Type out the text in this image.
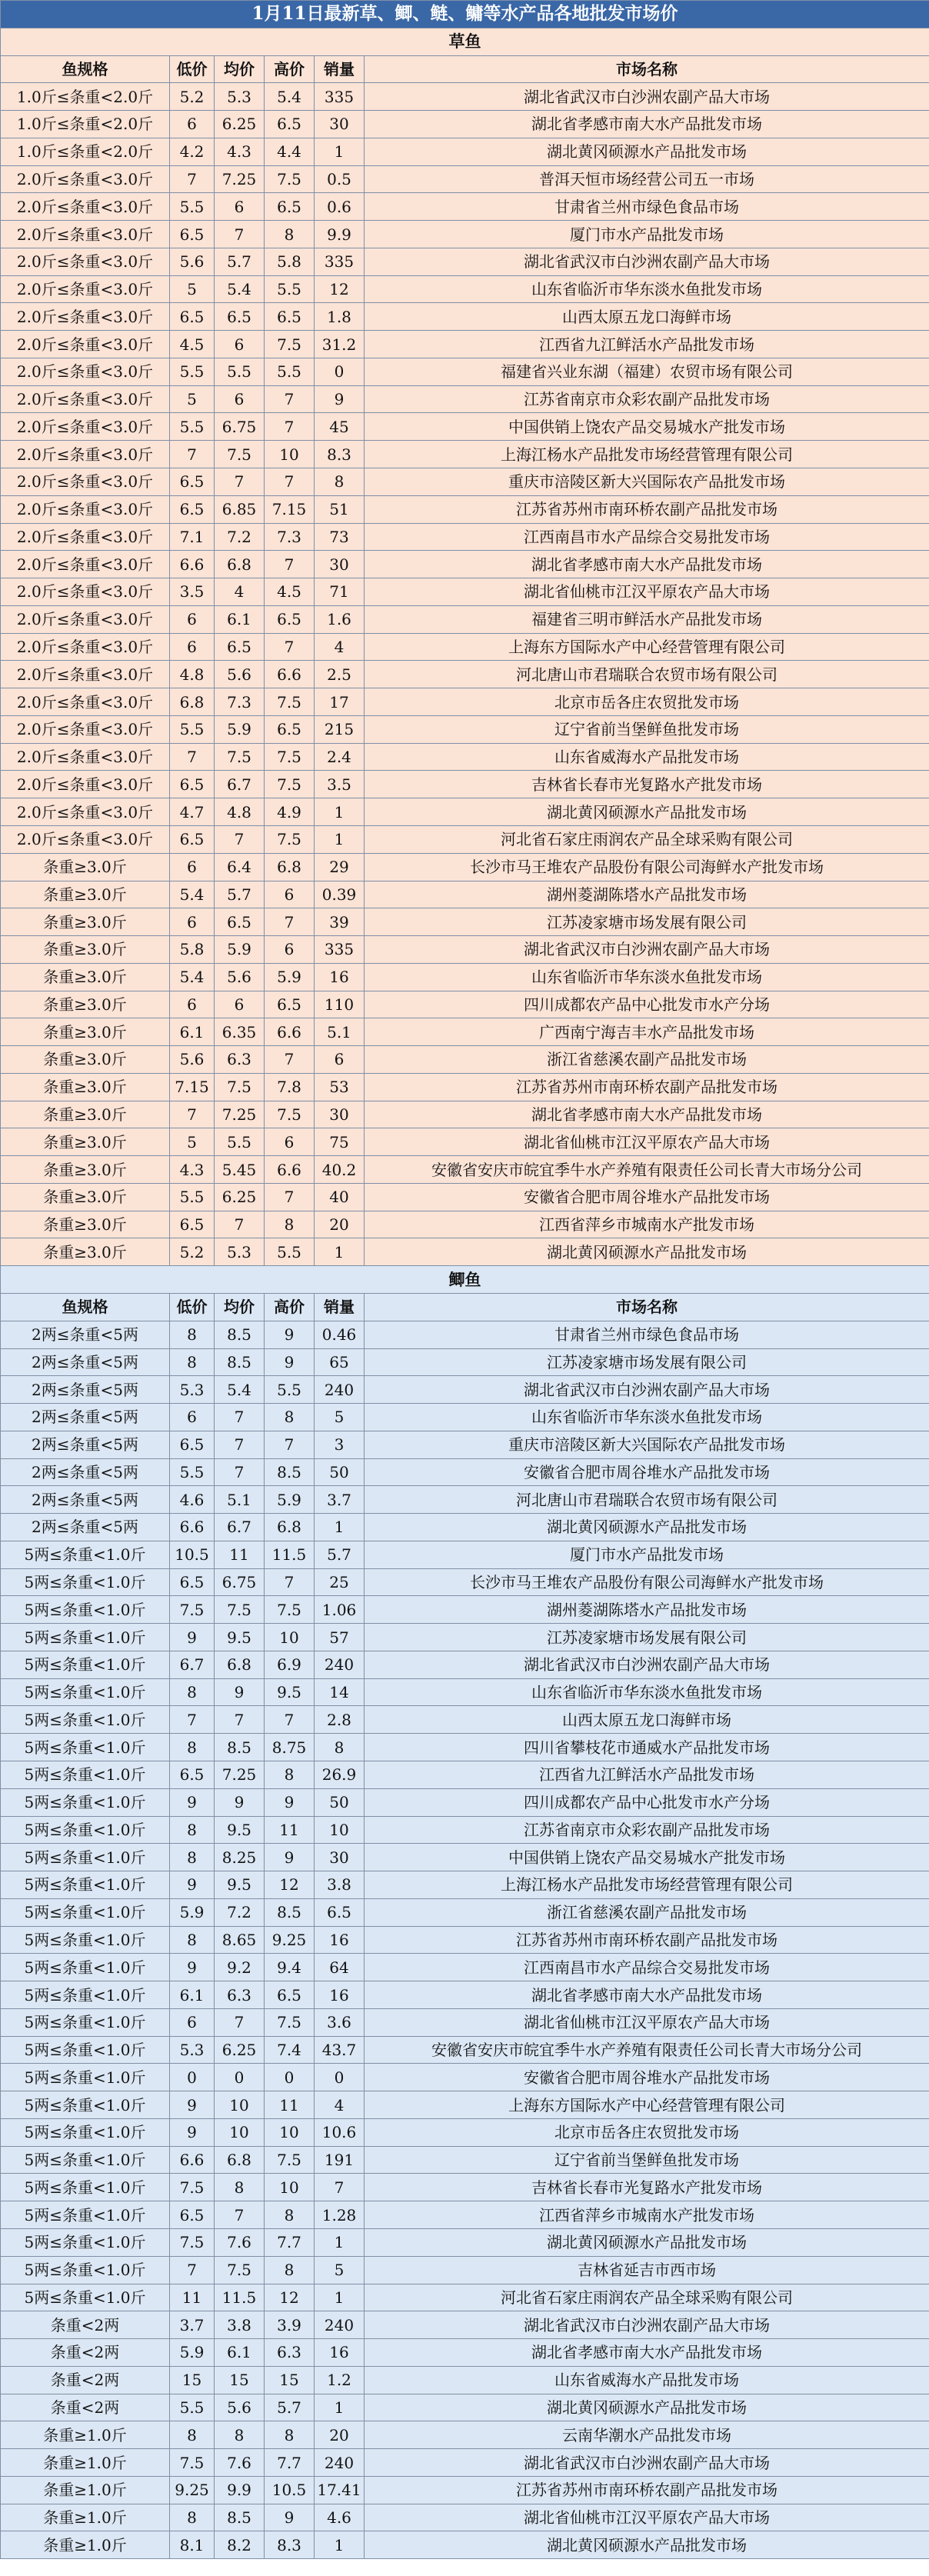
1月11日最新草、鲫、鲢、鳙等水产品各地批发市场价					
草鱼					
鱼规格	低价	均价	高价	销量	市场名称
1.0斤≤条重<2.0斤	5.2	5.3	5.4	335	湖北省武汉市白沙洲农副产品大市场
1.0斤≤条重<2.0斤	6	6.25	6.5	30	湖北省孝感市南大水产品批发市场
1.0斤≤条重<2.0斤	4.2	4.3	4.4	1	湖北黄冈硕源水产品批发市场
2.0斤≤条重<3.0斤	7	7.25	7.5	0.5	普洱天恒市场经营公司五一市场
2.0斤≤条重<3.0斤	5.5	6	6.5	0.6	甘肃省兰州市绿色食品市场
2.0斤≤条重<3.0斤	6.5	7	8	9.9	厦门市水产品批发市场
2.0斤≤条重<3.0斤	5.6	5.7	5.8	335	湖北省武汉市白沙洲农副产品大市场
2.0斤≤条重<3.0斤	5	5.4	5.5	12	山东省临沂市华东淡水鱼批发市场
2.0斤≤条重<3.0斤	6.5	6.5	6.5	1.8	山西太原五龙口海鲜市场
2.0斤≤条重<3.0斤	4.5	6	7.5	31.2	江西省九江鲜活水产品批发市场
2.0斤≤条重<3.0斤	5.5	5.5	5.5	0	福建省兴业东湖（福建）农贸市场有限公司
2.0斤≤条重<3.0斤	5	6	7	9	江苏省南京市众彩农副产品批发市场
2.0斤≤条重<3.0斤	5.5	6.75	7	45	中国供销上饶农产品交易城水产批发市场
2.0斤≤条重<3.0斤	7	7.5	10	8.3	上海江杨水产品批发市场经营管理有限公司
2.0斤≤条重<3.0斤	6.5	7	7	8	重庆市涪陵区新大兴国际农产品批发市场
2.0斤≤条重<3.0斤	6.5	6.85	7.15	51	江苏省苏州市南环桥农副产品批发市场
2.0斤≤条重<3.0斤	7.1	7.2	7.3	73	江西南昌市水产品综合交易批发市场
2.0斤≤条重<3.0斤	6.6	6.8	7	30	湖北省孝感市南大水产品批发市场
2.0斤≤条重<3.0斤	3.5	4	4.5	71	湖北省仙桃市江汉平原农产品大市场
2.0斤≤条重<3.0斤	6	6.1	6.5	1.6	福建省三明市鲜活水产品批发市场
2.0斤≤条重<3.0斤	6	6.5	7	4	上海东方国际水产中心经营管理有限公司
2.0斤≤条重<3.0斤	4.8	5.6	6.6	2.5	河北唐山市君瑞联合农贸市场有限公司
2.0斤≤条重<3.0斤	6.8	7.3	7.5	17	北京市岳各庄农贸批发市场
2.0斤≤条重<3.0斤	5.5	5.9	6.5	215	辽宁省前当堡鲜鱼批发市场
2.0斤≤条重<3.0斤	7	7.5	7.5	2.4	山东省威海水产品批发市场
2.0斤≤条重<3.0斤	6.5	6.7	7.5	3.5	吉林省长春市光复路水产批发市场
2.0斤≤条重<3.0斤	4.7	4.8	4.9	1	湖北黄冈硕源水产品批发市场
2.0斤≤条重<3.0斤	6.5	7	7.5	1	河北省石家庄雨润农产品全球采购有限公司
条重≥3.0斤	6	6.4	6.8	29	长沙市马王堆农产品股份有限公司海鲜水产批发市场
条重≥3.0斤	5.4	5.7	6	0.39	湖州菱湖陈塔水产品批发市场
条重≥3.0斤	6	6.5	7	39	江苏凌家塘市场发展有限公司
条重≥3.0斤	5.8	5.9	6	335	湖北省武汉市白沙洲农副产品大市场
条重≥3.0斤	5.4	5.6	5.9	16	山东省临沂市华东淡水鱼批发市场
条重≥3.0斤	6	6	6.5	110	四川成都农产品中心批发市水产分场
条重≥3.0斤	6.1	6.35	6.6	5.1	广西南宁海吉丰水产品批发市场
条重≥3.0斤	5.6	6.3	7	6	浙江省慈溪农副产品批发市场
条重≥3.0斤	7.15	7.5	7.8	53	江苏省苏州市南环桥农副产品批发市场
条重≥3.0斤	7	7.25	7.5	30	湖北省孝感市南大水产品批发市场
条重≥3.0斤	5	5.5	6	75	湖北省仙桃市江汉平原农产品大市场
条重≥3.0斤	4.3	5.45	6.6	40.2	安徽省安庆市皖宜季牛水产养殖有限责任公司长青大市场分公司
条重≥3.0斤	5.5	6.25	7	40	安徽省合肥市周谷堆水产品批发市场
条重≥3.0斤	6.5	7	8	20	江西省萍乡市城南水产批发市场
条重≥3.0斤	5.2	5.3	5.5	1	湖北黄冈硕源水产品批发市场
鲫鱼					
鱼规格	低价	均价	高价	销量	市场名称
2两≤条重<5两	8	8.5	9	0.46	甘肃省兰州市绿色食品市场
2两≤条重<5两	8	8.5	9	65	江苏凌家塘市场发展有限公司
2两≤条重<5两	5.3	5.4	5.5	240	湖北省武汉市白沙洲农副产品大市场
2两≤条重<5两	6	7	8	5	山东省临沂市华东淡水鱼批发市场
2两≤条重<5两	6.5	7	7	3	重庆市涪陵区新大兴国际农产品批发市场
2两≤条重<5两	5.5	7	8.5	50	安徽省合肥市周谷堆水产品批发市场
2两≤条重<5两	4.6	5.1	5.9	3.7	河北唐山市君瑞联合农贸市场有限公司
2两≤条重<5两	6.6	6.7	6.8	1	湖北黄冈硕源水产品批发市场
5两≤条重<1.0斤	10.5	11	11.5	5.7	厦门市水产品批发市场
5两≤条重<1.0斤	6.5	6.75	7	25	长沙市马王堆农产品股份有限公司海鲜水产批发市场
5两≤条重<1.0斤	7.5	7.5	7.5	1.06	湖州菱湖陈塔水产品批发市场
5两≤条重<1.0斤	9	9.5	10	57	江苏凌家塘市场发展有限公司
5两≤条重<1.0斤	6.7	6.8	6.9	240	湖北省武汉市白沙洲农副产品大市场
5两≤条重<1.0斤	8	9	9.5	14	山东省临沂市华东淡水鱼批发市场
5两≤条重<1.0斤	7	7	7	2.8	山西太原五龙口海鲜市场
5两≤条重<1.0斤	8	8.5	8.75	8	四川省攀枝花市通威水产品批发市场
5两≤条重<1.0斤	6.5	7.25	8	26.9	江西省九江鲜活水产品批发市场
5两≤条重<1.0斤	9	9	9	50	四川成都农产品中心批发市水产分场
5两≤条重<1.0斤	8	9.5	11	10	江苏省南京市众彩农副产品批发市场
5两≤条重<1.0斤	8	8.25	9	30	中国供销上饶农产品交易城水产批发市场
5两≤条重<1.0斤	9	9.5	12	3.8	上海江杨水产品批发市场经营管理有限公司
5两≤条重<1.0斤	5.9	7.2	8.5	6.5	浙江省慈溪农副产品批发市场
5两≤条重<1.0斤	8	8.65	9.25	16	江苏省苏州市南环桥农副产品批发市场
5两≤条重<1.0斤	9	9.2	9.4	64	江西南昌市水产品综合交易批发市场
5两≤条重<1.0斤	6.1	6.3	6.5	16	湖北省孝感市南大水产品批发市场
5两≤条重<1.0斤	6	7	7.5	3.6	湖北省仙桃市江汉平原农产品大市场
5两≤条重<1.0斤	5.3	6.25	7.4	43.7	安徽省安庆市皖宜季牛水产养殖有限责任公司长青大市场分公司
5两≤条重<1.0斤	0	0	0	0	安徽省合肥市周谷堆水产品批发市场
5两≤条重<1.0斤	9	10	11	4	上海东方国际水产中心经营管理有限公司
5两≤条重<1.0斤	9	10	10	10.6	北京市岳各庄农贸批发市场
5两≤条重<1.0斤	6.6	6.8	7.5	191	辽宁省前当堡鲜鱼批发市场
5两≤条重<1.0斤	7.5	8	10	7	吉林省长春市光复路水产批发市场
5两≤条重<1.0斤	6.5	7	8	1.28	江西省萍乡市城南水产批发市场
5两≤条重<1.0斤	7.5	7.6	7.7	1	湖北黄冈硕源水产品批发市场
5两≤条重<1.0斤	7	7.5	8	5	吉林省延吉市西市场
5两≤条重<1.0斤	11	11.5	12	1	河北省石家庄雨润农产品全球采购有限公司
条重<2两	3.7	3.8	3.9	240	湖北省武汉市白沙洲农副产品大市场
条重<2两	5.9	6.1	6.3	16	湖北省孝感市南大水产品批发市场
条重<2两	15	15	15	1.2	山东省威海水产品批发市场
条重<2两	5.5	5.6	5.7	1	湖北黄冈硕源水产品批发市场
条重≥1.0斤	8	8	8	20	云南华潮水产品批发市场
条重≥1.0斤	7.5	7.6	7.7	240	湖北省武汉市白沙洲农副产品大市场
条重≥1.0斤	9.25	9.9	10.5	17.41	江苏省苏州市南环桥农副产品批发市场
条重≥1.0斤	8	8.5	9	4.6	湖北省仙桃市江汉平原农产品大市场
条重≥1.0斤	8.1	8.2	8.3	1	湖北黄冈硕源水产品批发市场
